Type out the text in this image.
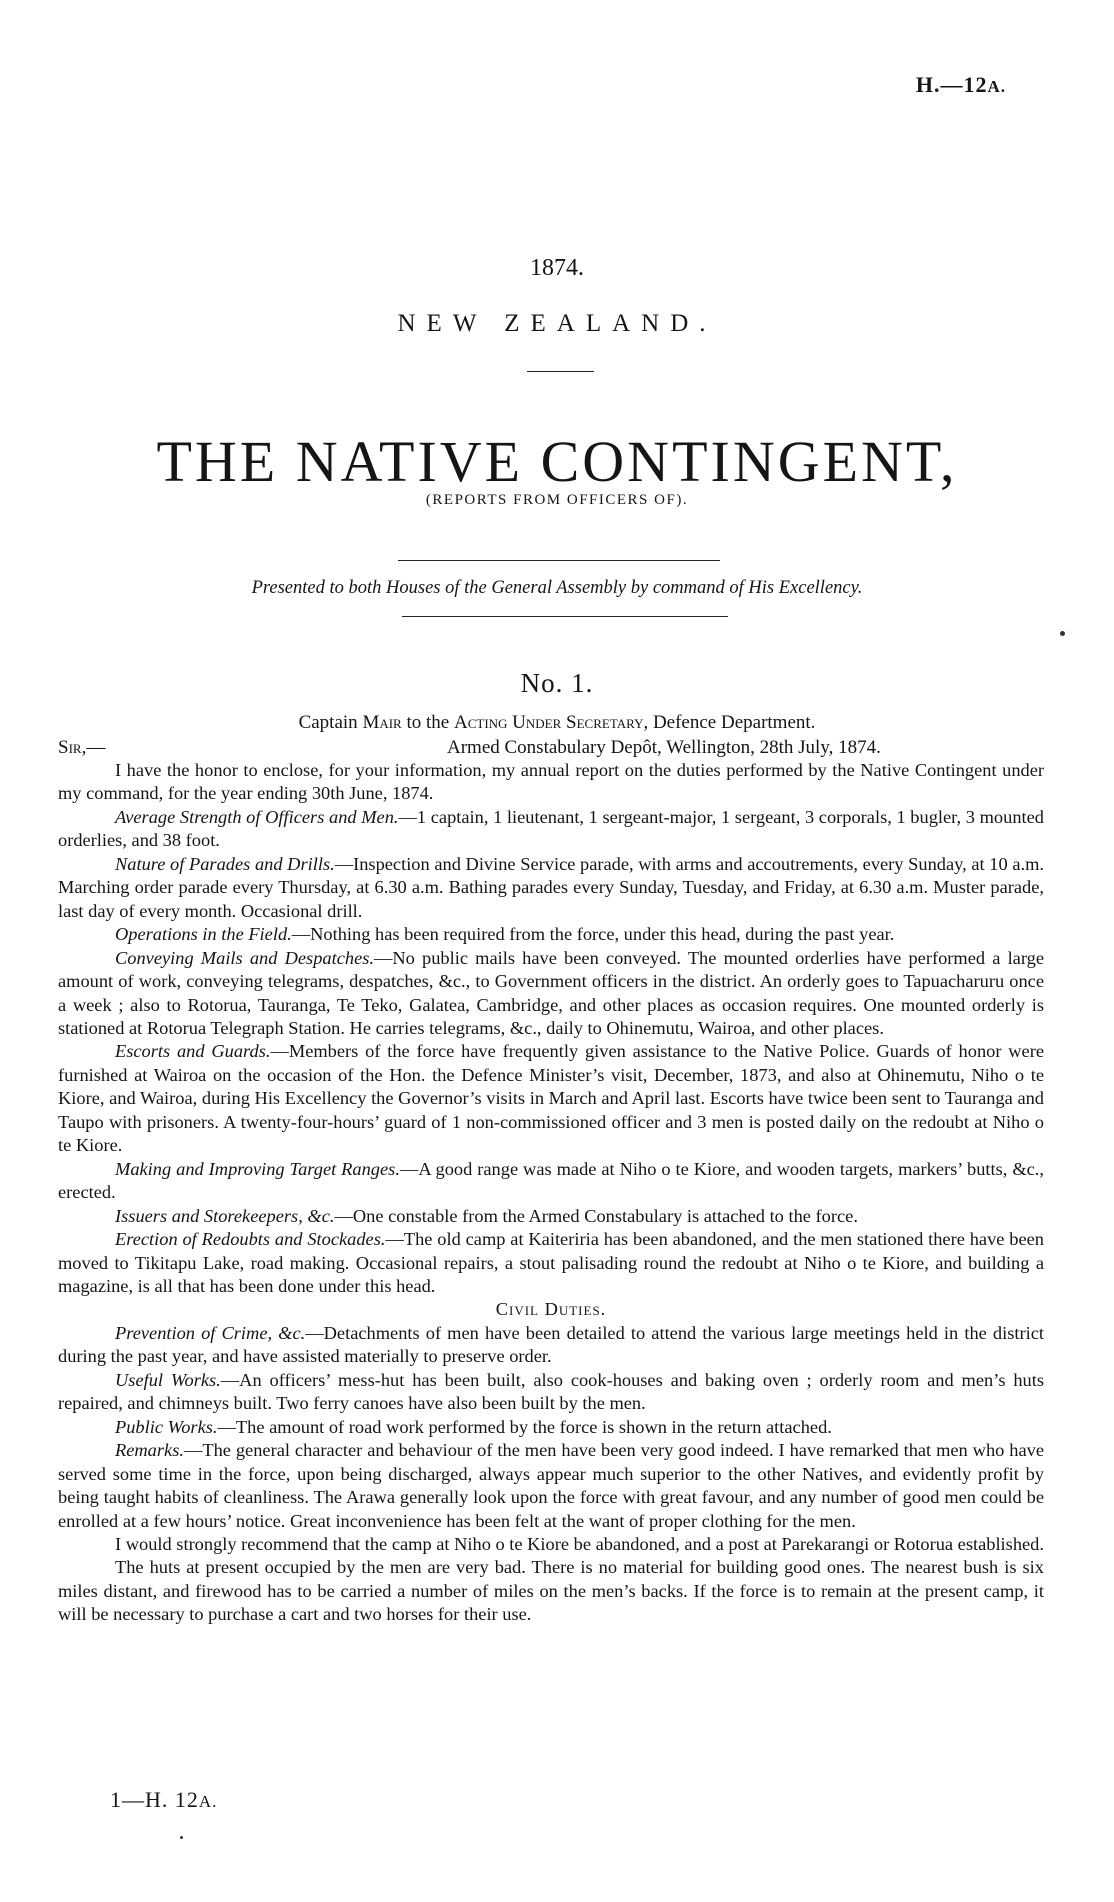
H.—12A.
1874.
NEW ZEALAND.
THE NATIVE CONTINGENT,
(REPORTS FROM OFFICERS OF).
Presented to both Houses of the General Assembly by command of His Excellency.
No. 1.
Captain Mair to the Acting Under Secretary, Defence Department.
Sir,—	Armed Constabulary Depôt, Wellington, 28th July, 1874.

I have the honor to enclose, for your information, my annual report on the duties performed by the Native Contingent under my command, for the year ending 30th June, 1874.

Average Strength of Officers and Men.—1 captain, 1 lieutenant, 1 sergeant-major, 1 sergeant, 3 corporals, 1 bugler, 3 mounted orderlies, and 38 foot.

Nature of Parades and Drills.—Inspection and Divine Service parade, with arms and accoutrements, every Sunday, at 10 a.m. Marching order parade every Thursday, at 6.30 a.m. Bathing parades every Sunday, Tuesday, and Friday, at 6.30 a.m. Muster parade, last day of every month. Occasional drill.

Operations in the Field.—Nothing has been required from the force, under this head, during the past year.

Conveying Mails and Despatches.—No public mails have been conveyed. The mounted orderlies have performed a large amount of work, conveying telegrams, despatches, &c., to Government officers in the district. An orderly goes to Tapuacharuru once a week ; also to Rotorua, Tauranga, Te Teko, Galatea, Cambridge, and other places as occasion requires. One mounted orderly is stationed at Rotorua Telegraph Station. He carries telegrams, &c., daily to Ohinemutu, Wairoa, and other places.

Escorts and Guards.—Members of the force have frequently given assistance to the Native Police. Guards of honor were furnished at Wairoa on the occasion of the Hon. the Defence Minister’s visit, December, 1873, and also at Ohinemutu, Niho o te Kiore, and Wairoa, during His Excellency the Governor’s visits in March and April last. Escorts have twice been sent to Tauranga and Taupo with prisoners. A twenty-four-hours’ guard of 1 non-commissioned officer and 3 men is posted daily on the redoubt at Niho o te Kiore.

Making and Improving Target Ranges.—A good range was made at Niho o te Kiore, and wooden targets, markers’ butts, &c., erected.

Issuers and Storekeepers, &c.—One constable from the Armed Constabulary is attached to the force.

Erection of Redoubts and Stockades.—The old camp at Kaiteriria has been abandoned, and the men stationed there have been moved to Tikitapu Lake, road making. Occasional repairs, a stout palisading round the redoubt at Niho o te Kiore, and building a magazine, is all that has been done under this head.

Civil Duties.

Prevention of Crime, &c.—Detachments of men have been detailed to attend the various large meetings held in the district during the past year, and have assisted materially to preserve order.

Useful Works.—An officers’ mess-hut has been built, also cook-houses and baking oven ; orderly room and men’s huts repaired, and chimneys built. Two ferry canoes have also been built by the men.

Public Works.—The amount of road work performed by the force is shown in the return attached.

Remarks.—The general character and behaviour of the men have been very good indeed. I have remarked that men who have served some time in the force, upon being discharged, always appear much superior to the other Natives, and evidently profit by being taught habits of cleanliness. The Arawa generally look upon the force with great favour, and any number of good men could be enrolled at a few hours’ notice. Great inconvenience has been felt at the want of proper clothing for the men.

I would strongly recommend that the camp at Niho o te Kiore be abandoned, and a post at Parekarangi or Rotorua established.

The huts at present occupied by the men are very bad. There is no material for building good ones. The nearest bush is six miles distant, and firewood has to be carried a number of miles on the men’s backs. If the force is to remain at the present camp, it will be necessary to purchase a cart and two horses for their use.

1—H. 12A.
